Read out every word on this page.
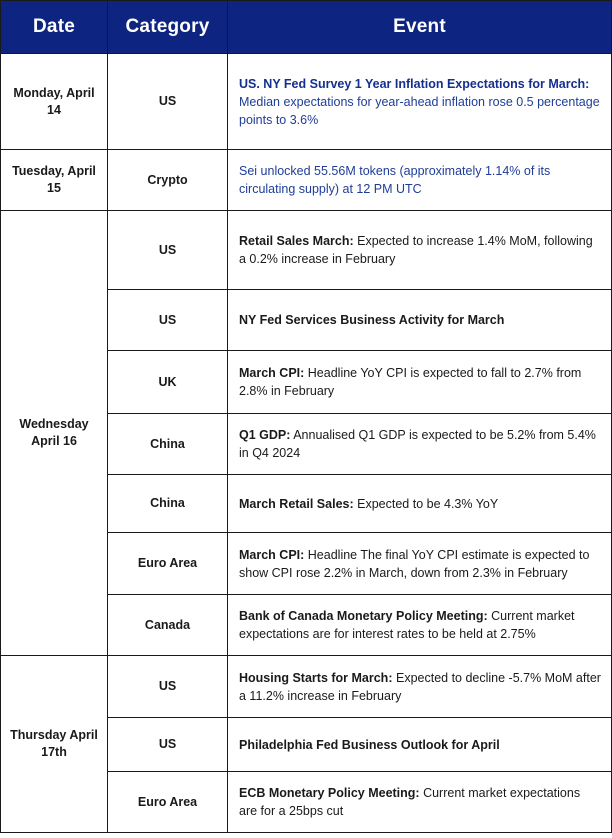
Date	Category	Event
Monday, April 14	US	US. NY Fed Survey 1 Year Inflation Expectations for March: Median expectations for year-ahead inflation rose 0.5 percentage points to 3.6%
Tuesday, April 15	Crypto	Sei unlocked 55.56M tokens (approximately 1.14% of its circulating supply) at 12 PM UTC
Wednesday April 16	US	Retail Sales March: Expected to increase 1.4% MoM, following a 0.2% increase in February
	US	NY Fed Services Business Activity for March
	UK	March CPI: Headline YoY CPI is expected to fall to 2.7% from 2.8% in February
	China	Q1 GDP: Annualised Q1 GDP is expected to be 5.2% from 5.4% in Q4 2024
	China	March Retail Sales: Expected to be 4.3% YoY
	Euro Area	March CPI: Headline The final YoY CPI estimate is expected to show CPI rose 2.2% in March, down from 2.3% in February
	Canada	Bank of Canada Monetary Policy Meeting: Current market expectations are for interest rates to be held at 2.75%
Thursday April 17th	US	Housing Starts for March: Expected to decline -5.7% MoM after a 11.2% increase in February
	US	Philadelphia Fed Business Outlook for April
	Euro Area	ECB Monetary Policy Meeting: Current market expectations are for a 25bps cut
